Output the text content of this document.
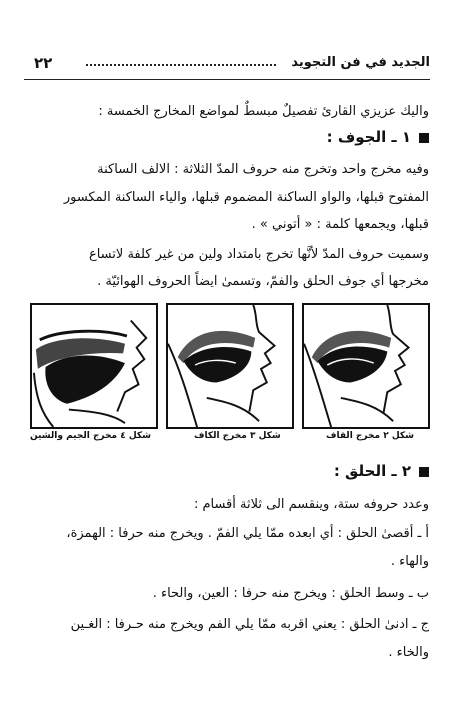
٢٢	الجديد في فن التجويد
واليك عزيزي القارئ تفصيلٌ مبسطٌ لمواضع المخارج الخمسة :
١ ـ الجوف :
وفيه مخرج واحد وتخرج منه حروف المدّ الثلاثة : الالف الساكنة
المفتوح قبلها، والواو الساكنة المضموم قبلها، والياء الساكنة المكسور
قبلها، ويجمعها كلمة : « أتوني » .
وسميت حروف المدّ لأنَّها تخرج بامتداد ولين من غير كلفة لاتساع
مخرجها أي جوف الحلق والفمّ، وتسمىٰ ايضاً الحروف الهوائيّة .
شكل ٤ مخرج الجيم والشين	شكل ٣ مخرج الكاف	شكل ٢ مخرج القاف
٢ ـ الحلق :
وعدد حروفه ستة، وينقسم الى ثلاثة أقسام :
أ ـ أقصىٰ الحلق : أي ابعده ممّا يلي الفمّ . ويخرج منه حرفا : الهمزة،
والهاء .
ب ـ وسط الحلق : ويخرج منه حرفا : العين، والحاء .
ج ـ ادنىٰ الحلق : يعني اقربه ممّا يلي الفم ويخرج منه حـرفا : الغـين
والخاء .
